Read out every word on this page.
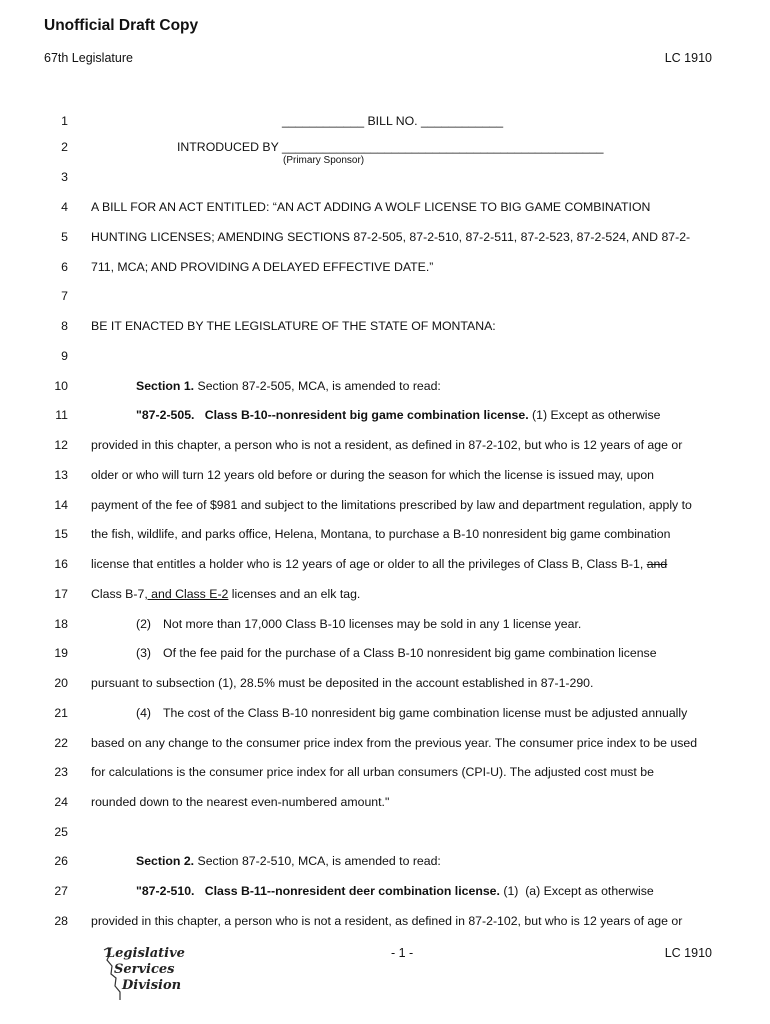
Unofficial Draft Copy
67th Legislature	LC 1910
1	____________ BILL NO. ____________
2	INTRODUCED BY _______________________________________________
(Primary Sponsor)
3
4 A BILL FOR AN ACT ENTITLED: “AN ACT ADDING A WOLF LICENSE TO BIG GAME COMBINATION
5 HUNTING LICENSES; AMENDING SECTIONS 87-2-505, 87-2-510, 87-2-511, 87-2-523, 87-2-524, AND 87-2-
6 711, MCA; AND PROVIDING A DELAYED EFFECTIVE DATE.”
7
8 BE IT ENACTED BY THE LEGISLATURE OF THE STATE OF MONTANA:
9
10	Section 1. Section 87-2-505, MCA, is amended to read:
11	"87-2-505.   Class B-10--nonresident big game combination license. (1) Except as otherwise
12 provided in this chapter, a person who is not a resident, as defined in 87-2-102, but who is 12 years of age or
13 older or who will turn 12 years old before or during the season for which the license is issued may, upon
14 payment of the fee of $981 and subject to the limitations prescribed by law and department regulation, apply to
15 the fish, wildlife, and parks office, Helena, Montana, to purchase a B-10 nonresident big game combination
16 license that entitles a holder who is 12 years of age or older to all the privileges of Class B, Class B-1, and
17 Class B-7, and Class E-2 licenses and an elk tag.
18	(2) Not more than 17,000 Class B-10 licenses may be sold in any 1 license year.
19	(3) Of the fee paid for the purchase of a Class B-10 nonresident big game combination license
20 pursuant to subsection (1), 28.5% must be deposited in the account established in 87-1-290.
21	(4) The cost of the Class B-10 nonresident big game combination license must be adjusted annually
22 based on any change to the consumer price index from the previous year. The consumer price index to be used
23 for calculations is the consumer price index for all urban consumers (CPI-U). The adjusted cost must be
24 rounded down to the nearest even-numbered amount."
25
26	Section 2. Section 87-2-510, MCA, is amended to read:
27	"87-2-510.   Class B-11--nonresident deer combination license. (1)  (a) Except as otherwise
28 provided in this chapter, a person who is not a resident, as defined in 87-2-102, but who is 12 years of age or
Legislative
Services
Division
- 1 -	LC 1910
